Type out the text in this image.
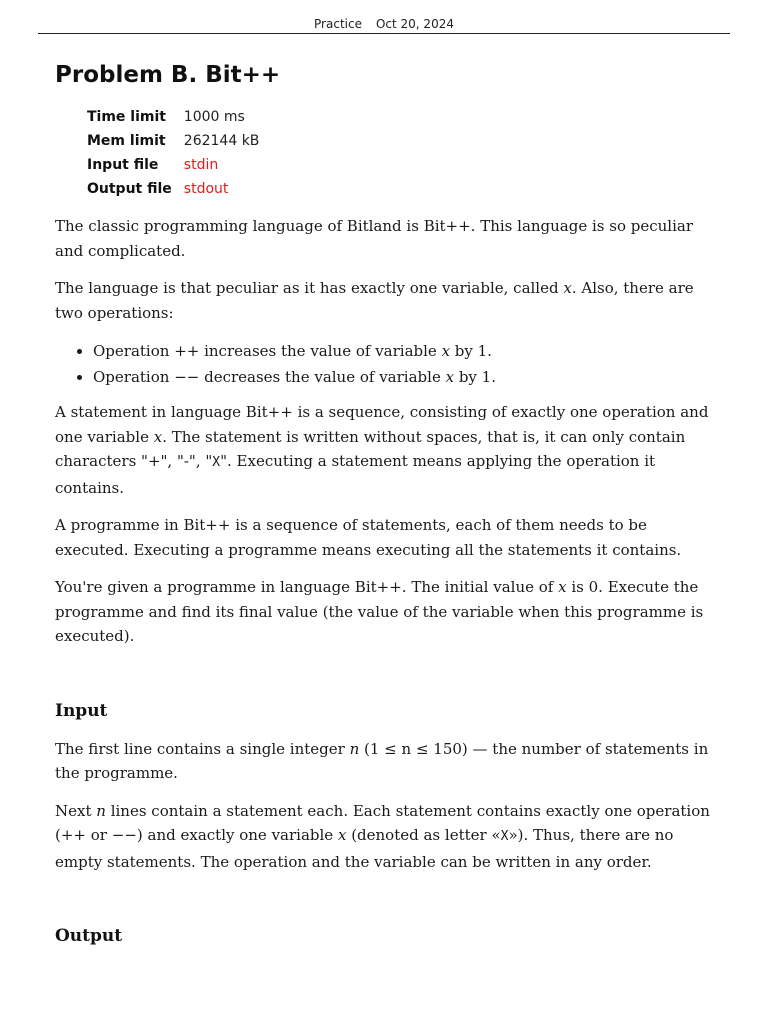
Practice Oct 20, 2024
Problem B. Bit++
Time limit	1000 ms
Mem limit	262144 kB
Input file	stdin
Output file	stdout

The classic programming language of Bitland is Bit++. This language is so peculiar and complicated.

The language is that peculiar as it has exactly one variable, called x. Also, there are two operations:

• Operation ++ increases the value of variable x by 1.
• Operation −− decreases the value of variable x by 1.

A statement in language Bit++ is a sequence, consisting of exactly one operation and one variable x. The statement is written without spaces, that is, it can only contain characters "+", "-", "X". Executing a statement means applying the operation it contains.

A programme in Bit++ is a sequence of statements, each of them needs to be executed. Executing a programme means executing all the statements it contains.

You're given a programme in language Bit++. The initial value of x is 0. Execute the programme and find its final value (the value of the variable when this programme is executed).

Input

The first line contains a single integer n (1 ≤ n ≤ 150) — the number of statements in the programme.

Next n lines contain a statement each. Each statement contains exactly one operation (++ or −−) and exactly one variable x (denoted as letter «X»). Thus, there are no empty statements. The operation and the variable can be written in any order.

Output
